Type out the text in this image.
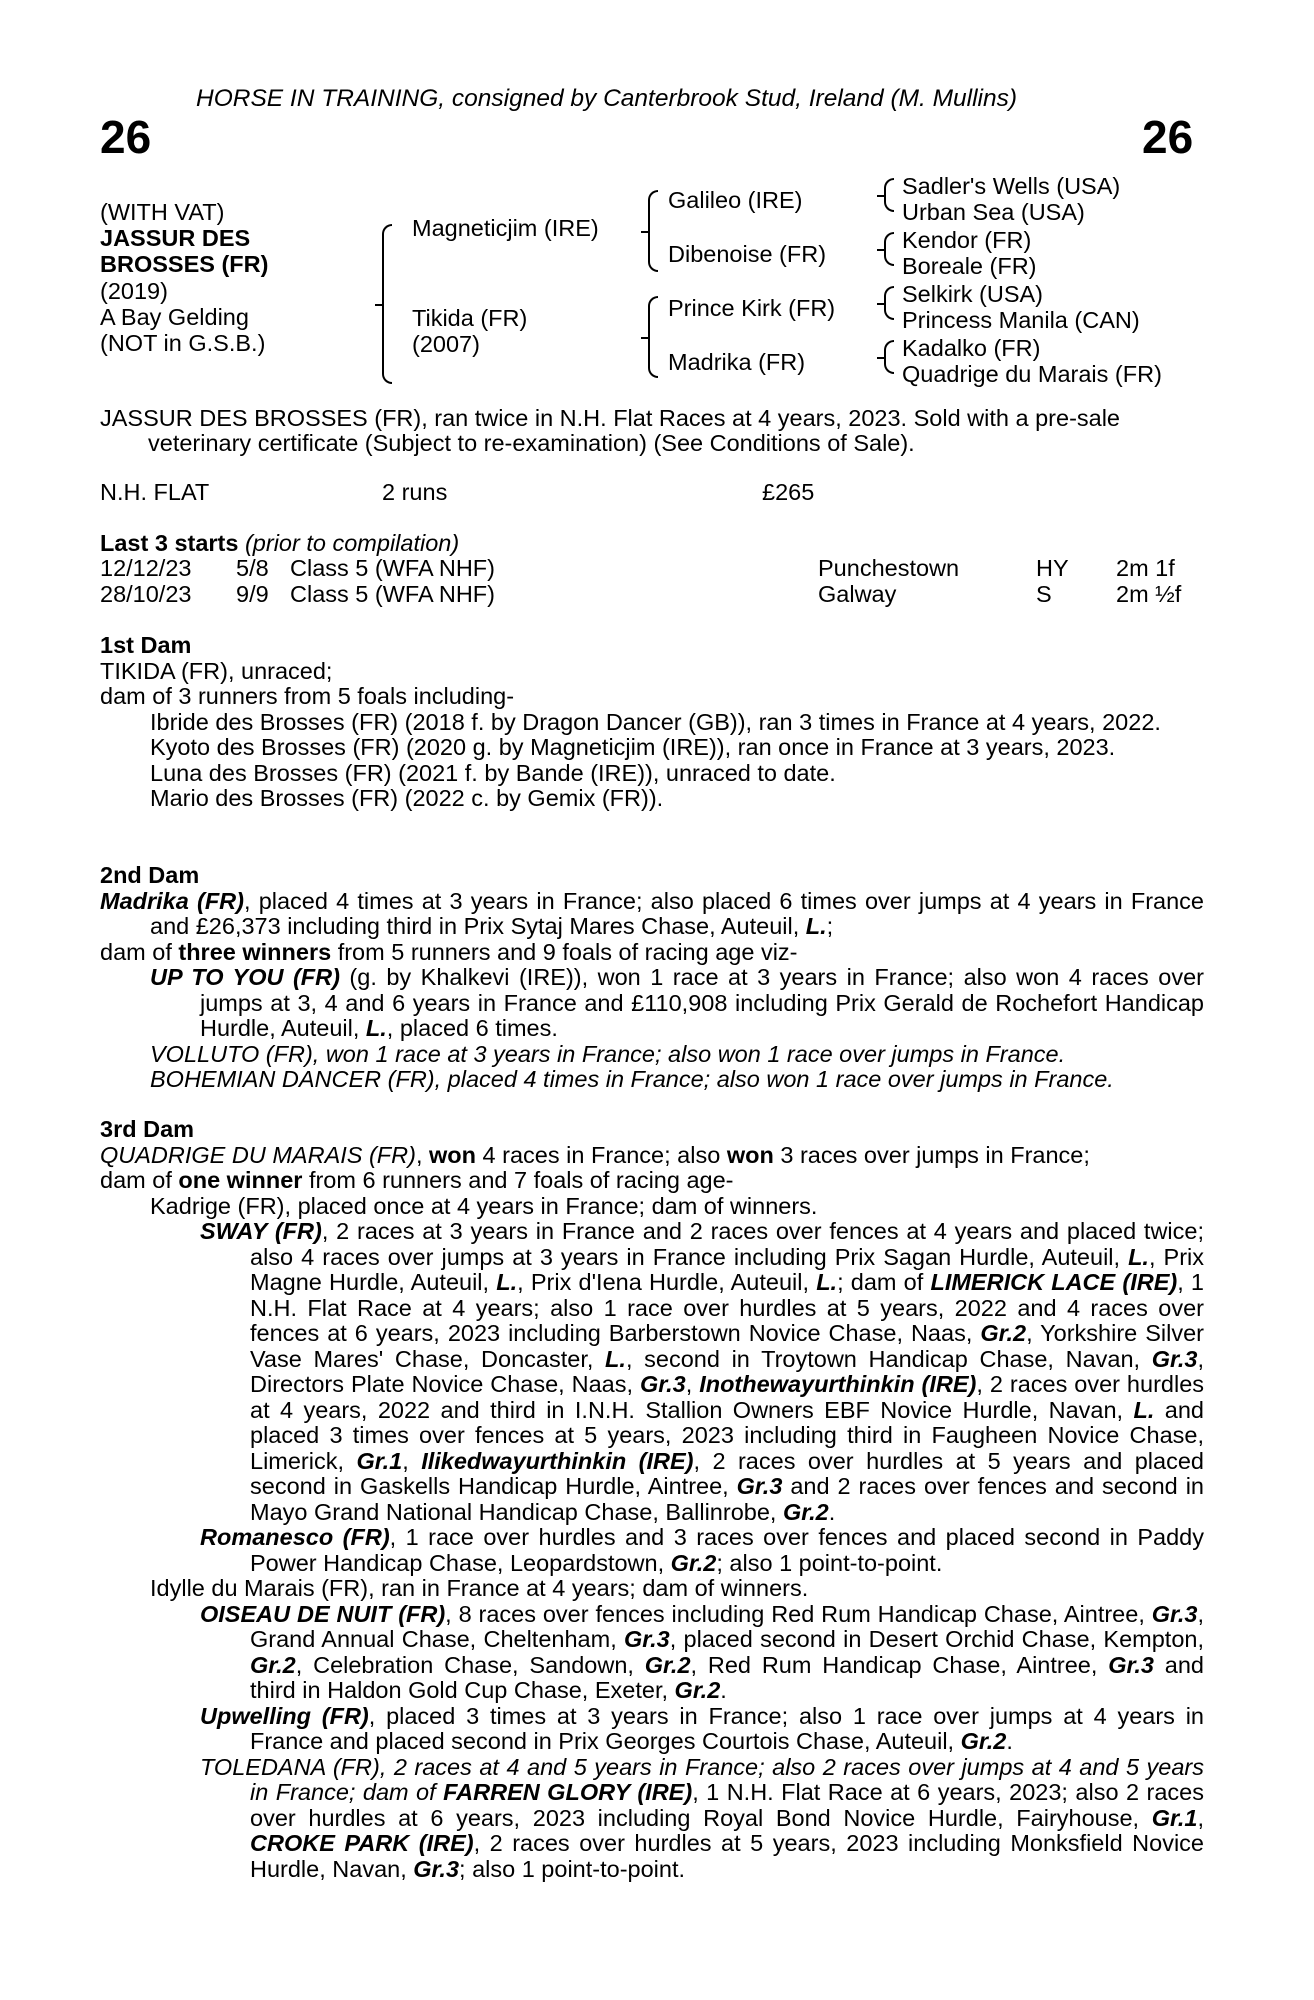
26
HORSE IN TRAINING, consigned by Canterbrook Stud, Ireland (M. Mullins)
26
(WITH VAT)
JASSUR DES
BROSSES (FR)
(2019)
A Bay Gelding
(NOT in G.S.B.)
Magneticjim (IRE)
Tikida (FR)
(2007)
Galileo (IRE)
Dibenoise (FR)
Prince Kirk (FR)
Madrika (FR)
Sadler's Wells (USA)
Urban Sea (USA)
Kendor (FR)
Boreale (FR)
Selkirk (USA)
Princess Manila (CAN)
Kadalko (FR)
Quadrige du Marais (FR)
JASSUR DES BROSSES (FR), ran twice in N.H. Flat Races at 4 years, 2023. Sold with a pre-sale
veterinary certificate (Subject to re-examination) (See Conditions of Sale).
N.H. FLAT	2 runs	£265
Last 3 starts (prior to compilation)
12/12/23 5/8 Class 5 (WFA NHF)	Punchestown	HY 2m 1f
28/10/23 9/9 Class 5 (WFA NHF)	Galway	S	2m ½f

1st Dam

TIKIDA (FR), unraced;

dam of 3 runners from 5 foals including-

Ibride des Brosses (FR) (2018 f. by Dragon Dancer (GB)), ran 3 times in France at 4 years, 2022.

Kyoto des Brosses (FR) (2020 g. by Magneticjim (IRE)), ran once in France at 3 years, 2023.

Luna des Brosses (FR) (2021 f. by Bande (IRE)), unraced to date.

Mario des Brosses (FR) (2022 c. by Gemix (FR)).

2nd Dam

Madrika (FR), placed 4 times at 3 years in France; also placed 6 times over jumps at 4 years in France and £26,373 including third in Prix Sytaj Mares Chase, Auteuil, L.;

dam of three winners from 5 runners and 9 foals of racing age viz-

UP TO YOU (FR) (g. by Khalkevi (IRE)), won 1 race at 3 years in France; also won 4 races over jumps at 3, 4 and 6 years in France and £110,908 including Prix Gerald de Rochefort Handicap Hurdle, Auteuil, L., placed 6 times.

VOLLUTO (FR), won 1 race at 3 years in France; also won 1 race over jumps in France.

BOHEMIAN DANCER (FR), placed 4 times in France; also won 1 race over jumps in France.

3rd Dam

QUADRIGE DU MARAIS (FR), won 4 races in France; also won 3 races over jumps in France;

dam of one winner from 6 runners and 7 foals of racing age-

Kadrige (FR), placed once at 4 years in France; dam of winners.

SWAY (FR), 2 races at 3 years in France and 2 races over fences at 4 years and placed twice; also 4 races over jumps at 3 years in France including Prix Sagan Hurdle, Auteuil, L., Prix Magne Hurdle, Auteuil, L., Prix d'Iena Hurdle, Auteuil, L.; dam of LIMERICK LACE (IRE), 1 N.H. Flat Race at 4 years; also 1 race over hurdles at 5 years, 2022 and 4 races over fences at 6 years, 2023 including Barberstown Novice Chase, Naas, Gr.2, Yorkshire Silver Vase Mares' Chase, Doncaster, L., second in Troytown Handicap Chase, Navan, Gr.3, Directors Plate Novice Chase, Naas, Gr.3, Inothewayurthinkin (IRE), 2 races over hurdles at 4 years, 2022 and third in I.N.H. Stallion Owners EBF Novice Hurdle, Navan, L. and placed 3 times over fences at 5 years, 2023 including third in Faugheen Novice Chase, Limerick, Gr.1, Ilikedwayurthinkin (IRE), 2 races over hurdles at 5 years and placed second in Gaskells Handicap Hurdle, Aintree, Gr.3 and 2 races over fences and second in Mayo Grand National Handicap Chase, Ballinrobe, Gr.2.

Romanesco (FR), 1 race over hurdles and 3 races over fences and placed second in Paddy Power Handicap Chase, Leopardstown, Gr.2; also 1 point-to-point.

Idylle du Marais (FR), ran in France at 4 years; dam of winners.

OISEAU DE NUIT (FR), 8 races over fences including Red Rum Handicap Chase, Aintree, Gr.3, Grand Annual Chase, Cheltenham, Gr.3, placed second in Desert Orchid Chase, Kempton, Gr.2, Celebration Chase, Sandown, Gr.2, Red Rum Handicap Chase, Aintree, Gr.3 and third in Haldon Gold Cup Chase, Exeter, Gr.2.

Upwelling (FR), placed 3 times at 3 years in France; also 1 race over jumps at 4 years in France and placed second in Prix Georges Courtois Chase, Auteuil, Gr.2.

TOLEDANA (FR), 2 races at 4 and 5 years in France; also 2 races over jumps at 4 and 5 years in France; dam of FARREN GLORY (IRE), 1 N.H. Flat Race at 6 years, 2023; also 2 races over hurdles at 6 years, 2023 including Royal Bond Novice Hurdle, Fairyhouse, Gr.1, CROKE PARK (IRE), 2 races over hurdles at 5 years, 2023 including Monksfield Novice Hurdle, Navan, Gr.3; also 1 point-to-point.
